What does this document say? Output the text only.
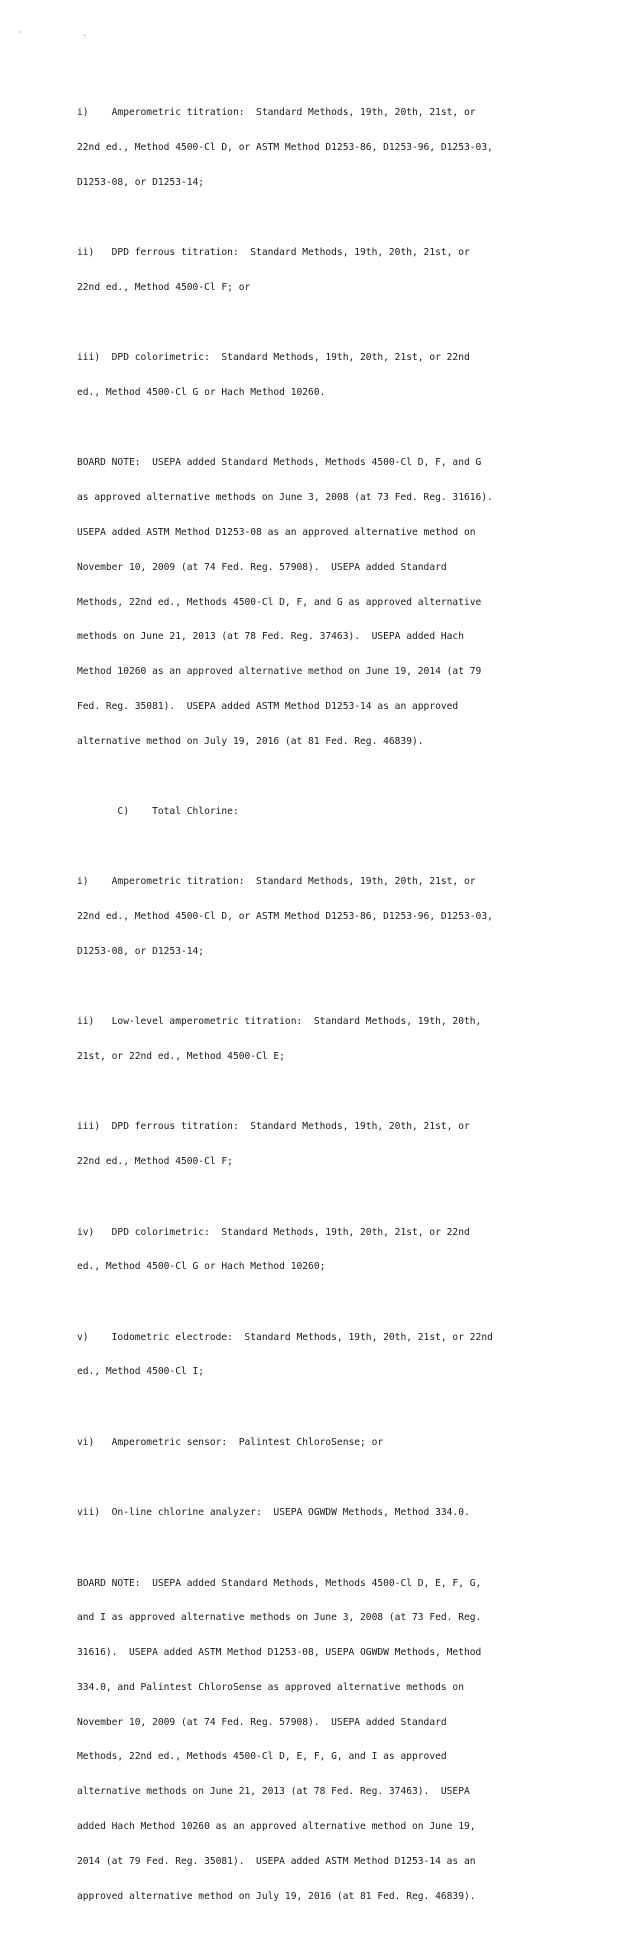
' .

i)    Amperometric titration:  Standard Methods, 19th, 20th, 21st, or

22nd ed., Method 4500-Cl D, or ASTM Method D1253-86, D1253-96, D1253-03,

D1253-08, or D1253-14;

ii)   DPD ferrous titration:  Standard Methods, 19th, 20th, 21st, or

22nd ed., Method 4500-Cl F; or

iii)  DPD colorimetric:  Standard Methods, 19th, 20th, 21st, or 22nd

ed., Method 4500-Cl G or Hach Method 10260.

BOARD NOTE:  USEPA added Standard Methods, Methods 4500-Cl D, F, and G

as approved alternative methods on June 3, 2008 (at 73 Fed. Reg. 31616).

USEPA added ASTM Method D1253-08 as an approved alternative method on

November 10, 2009 (at 74 Fed. Reg. 57908).  USEPA added Standard

Methods, 22nd ed., Methods 4500-Cl D, F, and G as approved alternative

methods on June 21, 2013 (at 78 Fed. Reg. 37463).  USEPA added Hach

Method 10260 as an approved alternative method on June 19, 2014 (at 79

Fed. Reg. 35081).  USEPA added ASTM Method D1253-14 as an approved

alternative method on July 19, 2016 (at 81 Fed. Reg. 46839).

C)    Total Chlorine:

i)    Amperometric titration:  Standard Methods, 19th, 20th, 21st, or

22nd ed., Method 4500-Cl D, or ASTM Method D1253-86, D1253-96, D1253-03,

D1253-08, or D1253-14;

ii)   Low-level amperometric titration:  Standard Methods, 19th, 20th,

21st, or 22nd ed., Method 4500-Cl E;

iii)  DPD ferrous titration:  Standard Methods, 19th, 20th, 21st, or

22nd ed., Method 4500-Cl F;

iv)   DPD colorimetric:  Standard Methods, 19th, 20th, 21st, or 22nd

ed., Method 4500-Cl G or Hach Method 10260;

v)    Iodometric electrode:  Standard Methods, 19th, 20th, 21st, or 22nd

ed., Method 4500-Cl I;

vi)   Amperometric sensor:  Palintest ChloroSense; or

vii)  On-line chlorine analyzer:  USEPA OGWDW Methods, Method 334.0.

BOARD NOTE:  USEPA added Standard Methods, Methods 4500-Cl D, E, F, G,

and I as approved alternative methods on June 3, 2008 (at 73 Fed. Reg.

31616).  USEPA added ASTM Method D1253-08, USEPA OGWDW Methods, Method

334.0, and Palintest ChloroSense as approved alternative methods on

November 10, 2009 (at 74 Fed. Reg. 57908).  USEPA added Standard

Methods, 22nd ed., Methods 4500-Cl D, E, F, G, and I as approved

alternative methods on June 21, 2013 (at 78 Fed. Reg. 37463).  USEPA

added Hach Method 10260 as an approved alternative method on June 19,

2014 (at 79 Fed. Reg. 35081).  USEPA added ASTM Method D1253-14 as an

approved alternative method on July 19, 2016 (at 81 Fed. Reg. 46839).
